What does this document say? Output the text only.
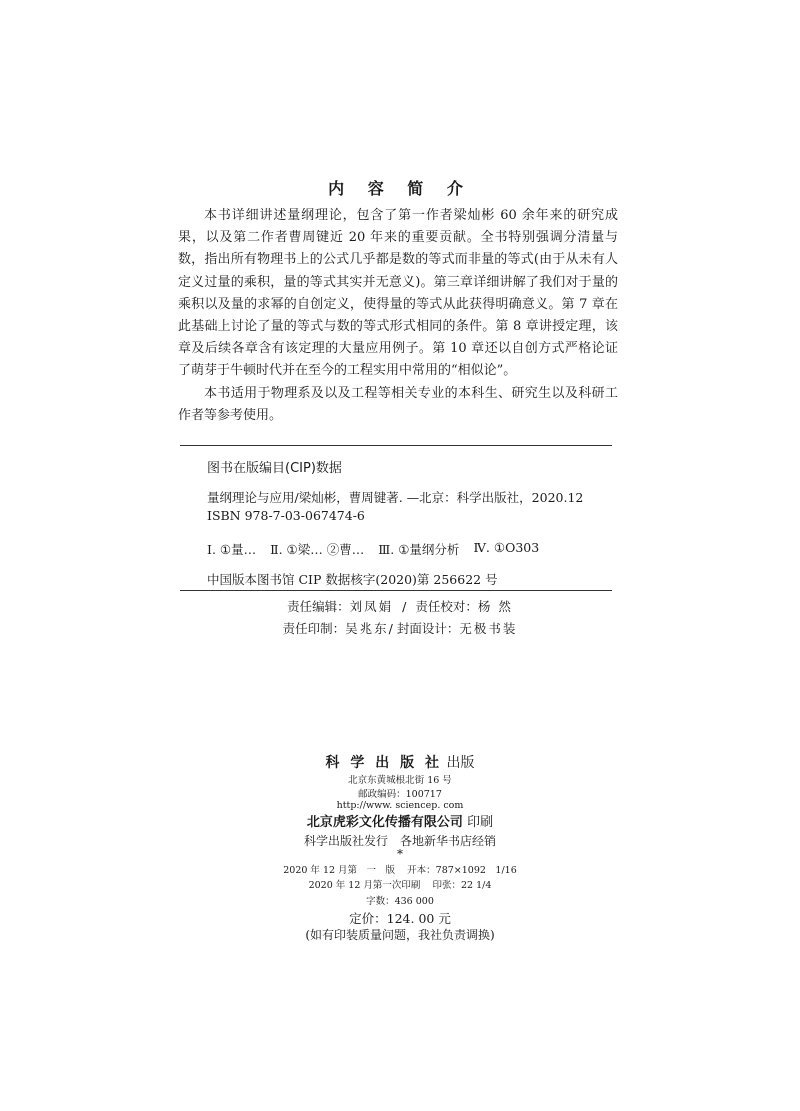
内 容 简 介

本书详细讲述量纲理论，包含了第一作者梁灿彬 60 余年来的研究成果，以及第二作者曹周键近 20 年来的重要贡献。全书特别强调分清量与数，指出所有物理书上的公式几乎都是数的等式而非量的等式(由于从未有人定义过量的乘积，量的等式其实并无意义)。第三章详细讲解了我们对于量的乘积以及量的求幂的自创定义，使得量的等式从此获得明确意义。第 7 章在此基础上讨论了量的等式与数的等式形式相同的条件。第 8 章讲授定理，该章及后续各章含有该定理的大量应用例子。第 10 章还以自创方式严格论证了萌芽于牛顿时代并在至今的工程实用中常用的“相似论”。

本书适用于物理系及以及工程等相关专业的本科生、研究生以及科研工作者等参考使用。

图书在版编目(CIP)数据
量纲理论与应用/梁灿彬，曹周键著. —北京：科学出版社，2020.12
ISBN 978-7-03-067474-6
Ⅰ. ①量… Ⅱ. ①梁… ②曹… Ⅲ. ①量纲分析 Ⅳ. ①O303
中国版本图书馆 CIP 数据核字(2020)第 256622 号
责任编辑：刘凤娟 / 责任校对：杨 然
责任印制：吴兆东/ 封面设计：无极书装
科 学 出 版 社 出版
北京东黄城根北街 16 号
邮政编码：100717
http://www. sciencep. com
北京虎彩文化传播有限公司 印刷
科学出版社发行　各地新华书店经销
*
2020 年 12 月第　一　版 开本：787×1092　1/16
2020 年 12 月第一次印刷 印张：22 1/4
字数：436 000
定价：124. 00 元
(如有印装质量问题，我社负责调换)
